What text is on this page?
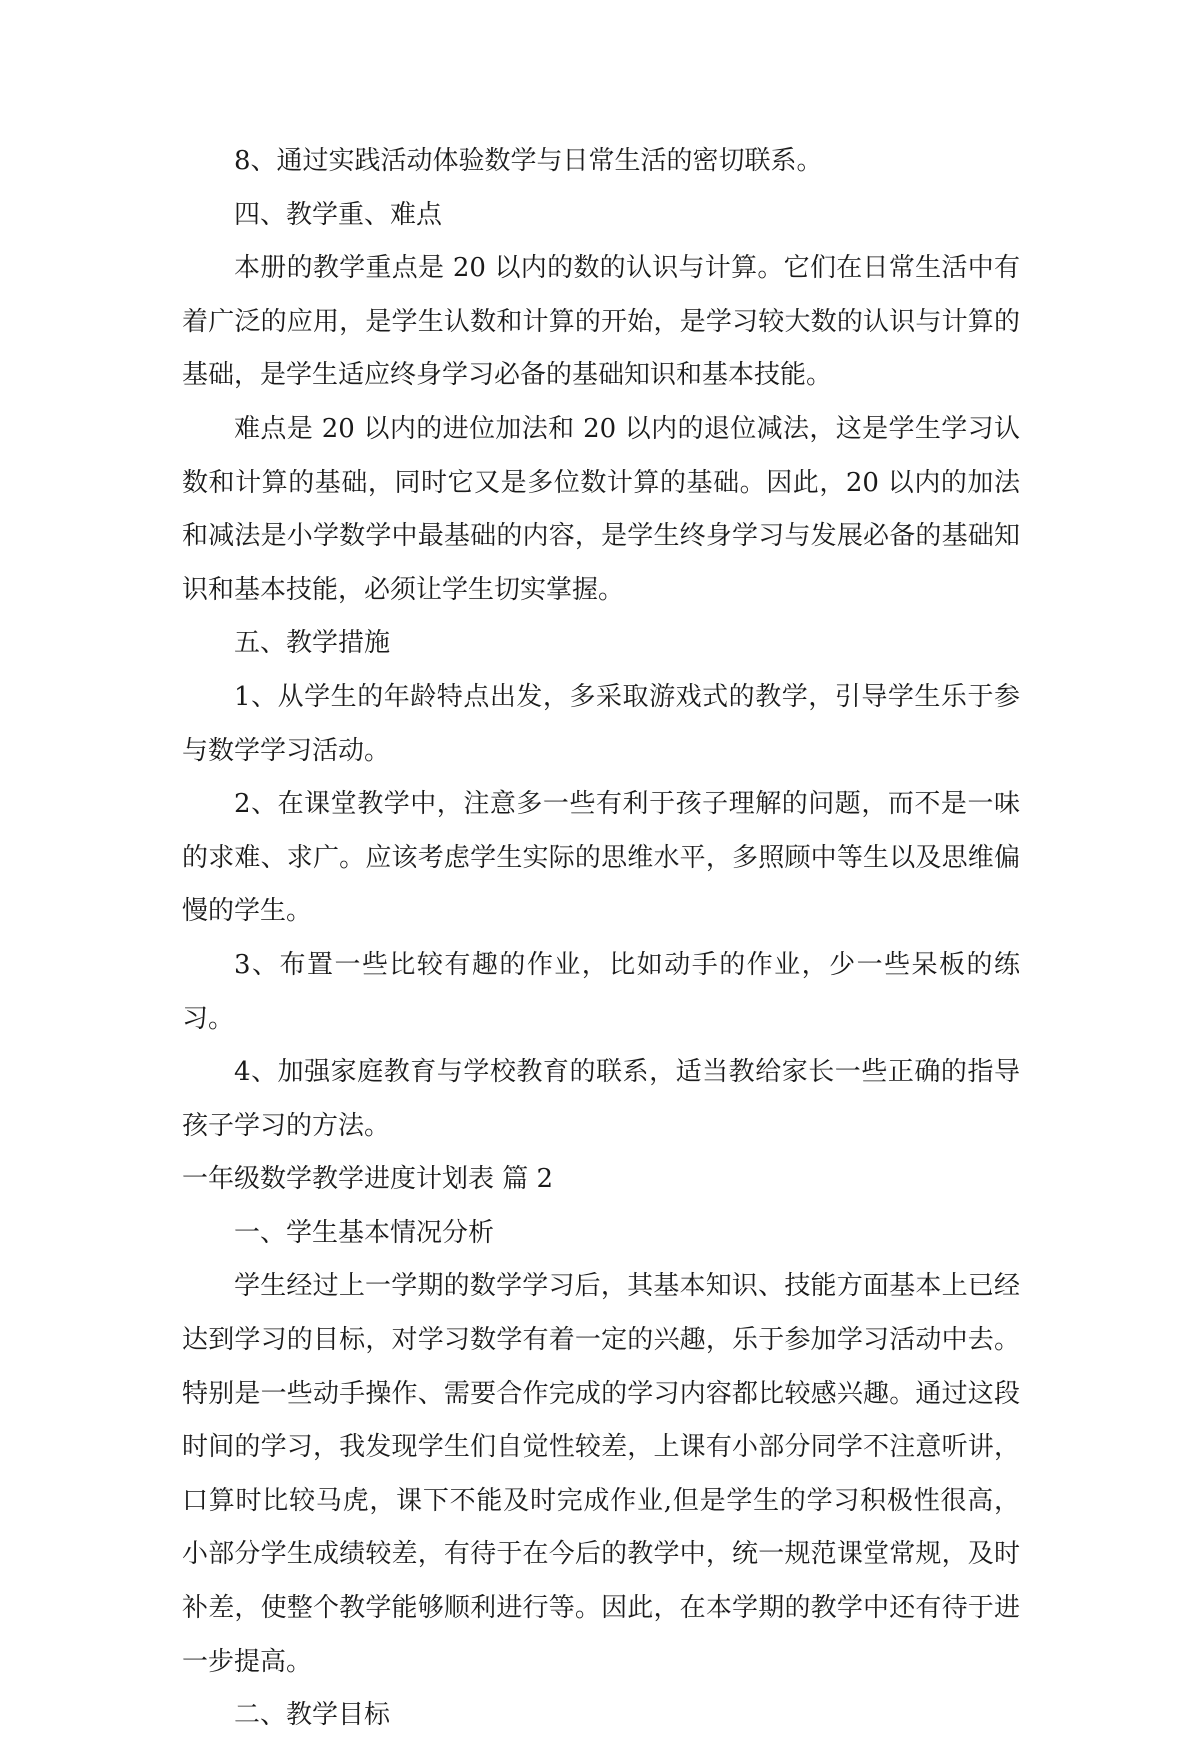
8、通过实践活动体验数学与日常生活的密切联系。

四、教学重、难点

本册的教学重点是 20 以内的数的认识与计算。它们在日常生活中有着广泛的应用，是学生认数和计算的开始，是学习较大数的认识与计算的基础，是学生适应终身学习必备的基础知识和基本技能。

难点是 20 以内的进位加法和 20 以内的退位减法，这是学生学习认数和计算的基础，同时它又是多位数计算的基础。因此，20 以内的加法和减法是小学数学中最基础的内容，是学生终身学习与发展必备的基础知识和基本技能，必须让学生切实掌握。

五、教学措施

1、从学生的年龄特点出发，多采取游戏式的教学，引导学生乐于参与数学学习活动。

2、在课堂教学中，注意多一些有利于孩子理解的问题，而不是一味的求难、求广。应该考虑学生实际的思维水平，多照顾中等生以及思维偏慢的学生。

3、布置一些比较有趣的作业，比如动手的作业，少一些呆板的练习。

4、加强家庭教育与学校教育的联系，适当教给家长一些正确的指导孩子学习的方法。

一年级数学教学进度计划表 篇 2

一、学生基本情况分析

学生经过上一学期的数学学习后，其基本知识、技能方面基本上已经达到学习的目标，对学习数学有着一定的兴趣，乐于参加学习活动中去。特别是一些动手操作、需要合作完成的学习内容都比较感兴趣。通过这段时间的学习，我发现学生们自觉性较差，上课有小部分同学不注意听讲，口算时比较马虎，课下不能及时完成作业,但是学生的学习积极性很高，小部分学生成绩较差，有待于在今后的教学中，统一规范课堂常规，及时补差，使整个教学能够顺利进行等。因此，在本学期的教学中还有待于进一步提高。

二、教学目标
